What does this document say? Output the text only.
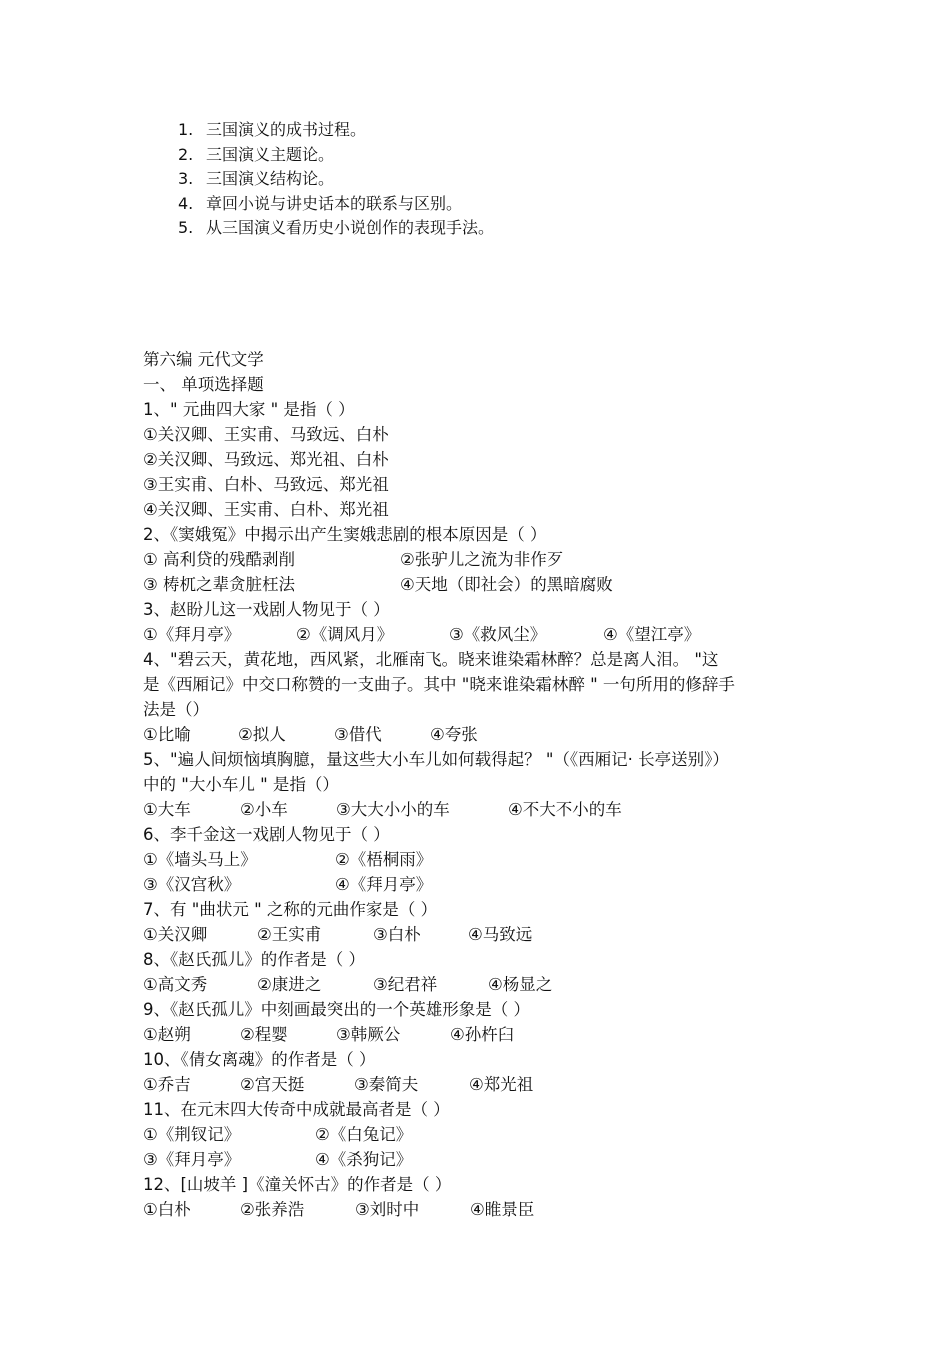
1. 三国演义的成书过程。
2. 三国演义主题论。
3. 三国演义结构论。
4. 章回小说与讲史话本的联系与区别。
5. 从三国演义看历史小说创作的表现手法。
第六编 元代文学
一、 单项选择题
1、" 元曲四大家 " 是指（ ）
①关汉卿、王实甫、马致远、白朴
②关汉卿、马致远、郑光祖、白朴
③王实甫、白朴、马致远、郑光祖
④关汉卿、王实甫、白朴、郑光祖
2、《窦娥冤》中揭示出产生窦娥悲剧的根本原因是（ ）
① 高利贷的残酷剥削	②张驴儿之流为非作歹
③ 梼杌之辈贪脏枉法	④天地（即社会）的黑暗腐败
3、赵盼儿这一戏剧人物见于（ ）
①《拜月亭》	②《调风月》	③《救风尘》	④《望江亭》
4、"碧云天，黄花地，西风紧，北雁南飞。晓来谁染霜林醉？总是离人泪。 "这
是《西厢记》中交口称赞的一支曲子。其中 "晓来谁染霜林醉 " 一句所用的修辞手
法是（）
①比喻	②拟人	③借代	④夸张
5、"遍人间烦恼填胸臆，量这些大小车儿如何载得起？ "（《西厢记· 长亭送别》）
中的 "大小车儿 " 是指（）
①大车	②小车	③大大小小的车	④不大不小的车
6、李千金这一戏剧人物见于（ ）
①《墙头马上》	②《梧桐雨》
③《汉宫秋》	④《拜月亭》
7、有 "曲状元 " 之称的元曲作家是（ ）
①关汉卿	②王实甫	③白朴	④马致远
8、《赵氏孤儿》的作者是（ ）
①高文秀	②康进之	③纪君祥	④杨显之
9、《赵氏孤儿》中刻画最突出的一个英雄形象是（ ）
①赵朔	②程婴	③韩厥公	④孙杵臼
10、《倩女离魂》的作者是（ ）
①乔吉	②宫天挺	③秦简夫	④郑光祖
11、在元末四大传奇中成就最高者是（ ）
①《荆钗记》	②《白兔记》
③《拜月亭》	④《杀狗记》
12、[山坡羊 ]《潼关怀古》的作者是（ ）
①白朴	②张养浩	③刘时中	④睢景臣
